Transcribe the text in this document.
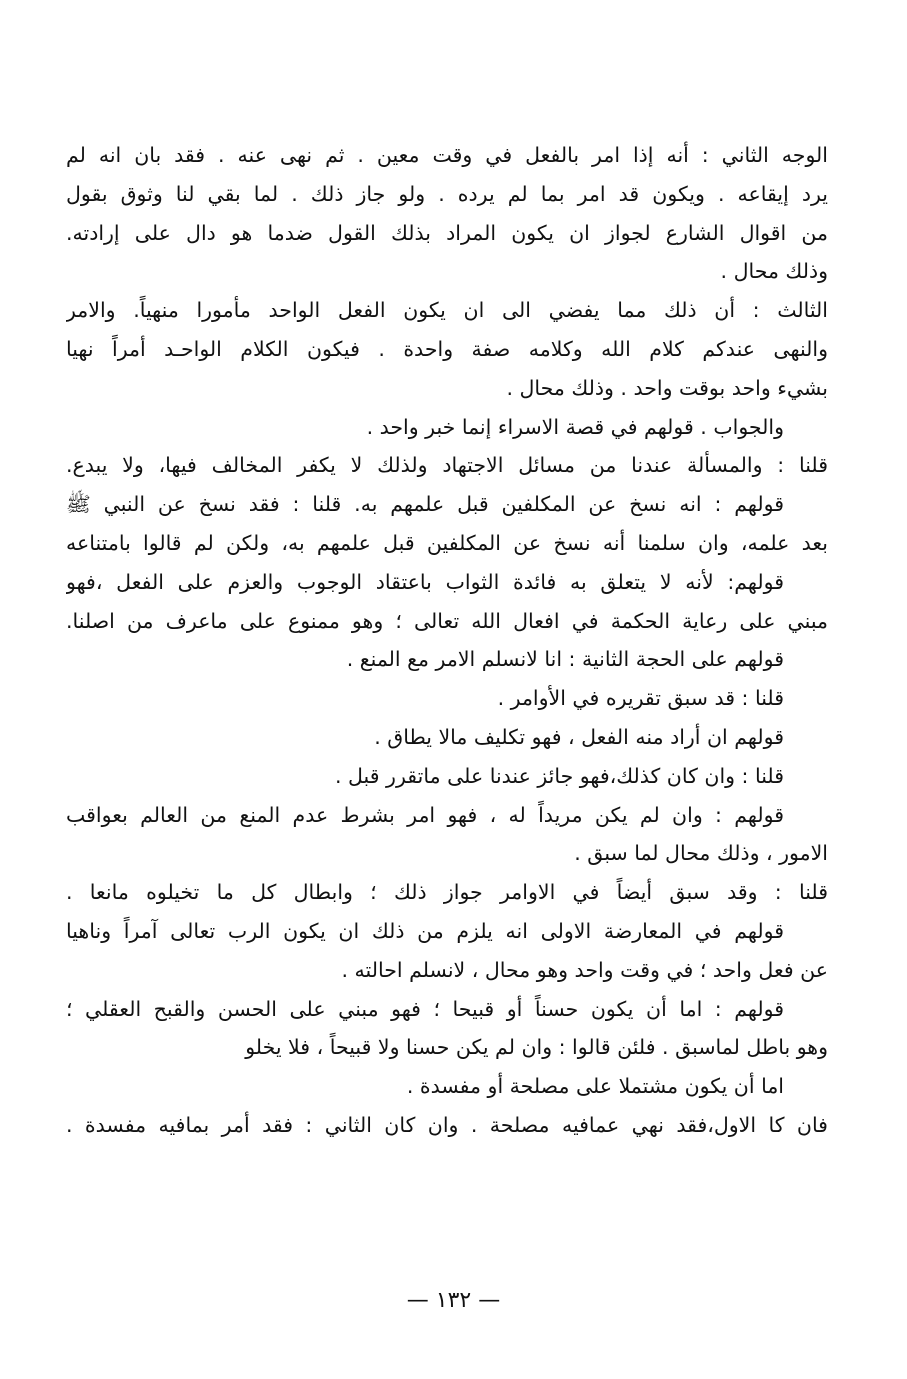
الوجه الثاني : أنه إذا امر بالفعل في وقت معين . ثم نهى عنه . فقد بان انه لم
يرد إيقاعه . ويكون قد امر بما لم يرده . ولو جاز ذلك . لما بقي لنا وثوق بقول
من اقوال الشارع لجواز ان يكون المراد بذلك القول ضدما هو دال على إرادته.
وذلك محال .
الثالث : أن ذلك مما يفضي الى ان يكون الفعل الواحد مأمورا منهياً. والامر
والنهى عندكم كلام الله وكلامه صفة واحدة . فيكون الكلام الواحـد أمراً نهيا
بشيء واحد بوقت واحد . وذلك محال .
والجواب . قولهم في قصة الاسراء إنما خبر واحد .
قلنا : والمسألة عندنا من مسائل الاجتهاد ولذلك لا يكفر المخالف فيها، ولا يبدع.
قولهم : انه نسخ عن المكلفين قبل علمهم به. قلنا : فقد نسخ عن النبي ﷺ
بعد علمه، وان سلمنا أنه نسخ عن المكلفين قبل علمهم به، ولكن لم قالوا بامتناعه
قولهم: لأنه لا يتعلق به فائدة الثواب باعتقاد الوجوب والعزم على الفعل ،فهو
مبني على رعاية الحكمة في افعال الله تعالى ؛ وهو ممنوع على ماعرف من اصلنا.
قولهم على الحجة الثانية : انا لانسلم الامر مع المنع .
قلنا : قد سبق تقريره في الأوامر .
قولهم ان أراد منه الفعل ، فهو تكليف مالا يطاق .
قلنا : وان كان كذلك،فهو جائز عندنا على ماتقرر قبل .
قولهم : وان لم يكن مريداً له ، فهو امر بشرط عدم المنع من العالم بعواقب
الامور ، وذلك محال لما سبق .
قلنا : وقد سبق أيضاً في الاوامر جواز ذلك ؛ وابطال كل ما تخيلوه مانعا .
قولهم في المعارضة الاولى انه يلزم من ذلك ان يكون الرب تعالى آمراً وناهيا
عن فعل واحد ؛ في وقت واحد وهو محال ، لانسلم احالته .
قولهم : اما أن يكون حسناً أو قبيحا ؛ فهو مبني على الحسن والقبح العقلي ؛
وهو باطل لماسبق . فلئن قالوا : وان لم يكن حسنا ولا قبيحاً ، فلا يخلو
اما أن يكون مشتملا على مصلحة أو مفسدة .
فان كا الاول،فقد نهي عمافيه مصلحة . وان كان الثاني : فقد أمر بمافيه مفسدة .
— ١٣٢ —
